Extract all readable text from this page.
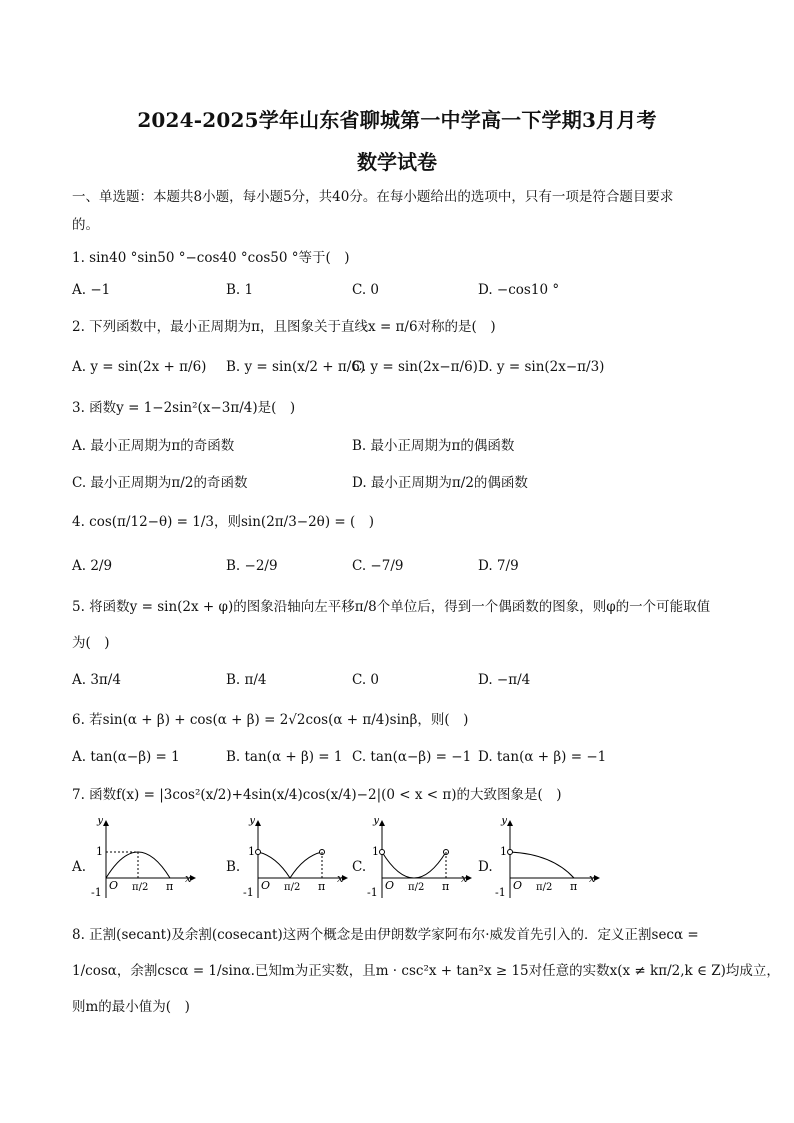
2024-2025学年山东省聊城第一中学高一下学期3月月考
数学试卷
一、单选题：本题共8小题，每小题5分，共40分。在每小题给出的选项中，只有一项是符合题目要求
的。
1. sin40 °sin50 °−cos40 °cos50 °等于(　)
A. −1	B. 1	C. 0	D. −cos10 °
2. 下列函数中，最小正周期为π，且图象关于直线x = π/6对称的是(　)
A. y = sin(2x + π/6) B. y = sin(x/2 + π/6)
C. y = sin(2x−π/6) D. y = sin(2x−π/3)
3. 函数y = 1−2sin²(x−3π/4)是(　)
A. 最小正周期为π的奇函数	B. 最小正周期为π的偶函数
C. 最小正周期为π/2的奇函数	D. 最小正周期为π/2的偶函数
4. cos(π/12−θ) = 1/3，则sin(2π/3−2θ) = (　)
A. 2/9	B. −2/9	C. −7/9	D. 7/9
5. 将函数y = sin(2x + φ)的图象沿轴向左平移π/8个单位后，得到一个偶函数的图象，则φ的一个可能取值
为(　)
A. 3π/4	B. π/4	C. 0	D. −π/4
6. 若sin(α + β) + cos(α + β) = 2√2cos(α + π/4)sinβ，则(　)
A. tan(α−β) = 1	B. tan(α + β) = 1 C. tan(α−β) = −1 D. tan(α + β) = −1
7. 函数f(x) = |3cos²(x/2)+4sin(x/4)cos(x/4)−2|(0 < x < π)的大致图象是(　)
A.
y
x
1
-1
O π/2 π
B.
y
x
1
-1
O π/2 π
C.
y
x
1
-1
O π/2 π
D.
y
x
1
-1
O π/2 π
8. 正割(secant)及余割(cosecant)这两个概念是由伊朗数学家阿布尔·威发首先引入的．定义正割secα =
1/cosα，余割cscα = 1/sinα.已知m为正实数，且m · csc²x + tan²x ≥ 15对任意的实数x(x ≠ kπ/2,k ∈ Z)均成立，
则m的最小值为(　)
